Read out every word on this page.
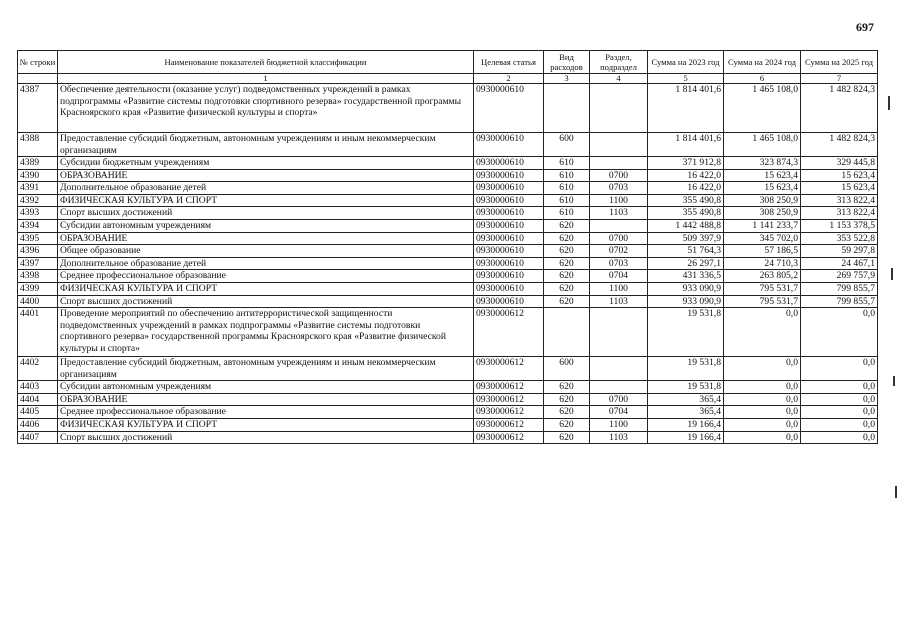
697
№ строки	Наименование показателей бюджетной классификации	Целевая статья	Вид расходов	Раздел, подраздел	Сумма на 2023 год	Сумма на 2024 год	Сумма на 2025 год
	1	2	3	4	5	6	7
4387	Обеспечение деятельности (оказание услуг) подведомственных учреждений в рамках подпрограммы «Развитие системы подготовки спортивного резерва» государственной программы Красноярского края «Развитие физической культуры и спорта»	0930000610			1 814 401,6	1 465 108,0	1 482 824,3
4388	Предоставление субсидий бюджетным, автономным учреждениям и иным некоммерческим организациям	0930000610	600		1 814 401,6	1 465 108,0	1 482 824,3
4389	Субсидии бюджетным учреждениям	0930000610	610		371 912,8	323 874,3	329 445,8
4390	ОБРАЗОВАНИЕ	0930000610	610	0700	16 422,0	15 623,4	15 623,4
4391	Дополнительное образование детей	0930000610	610	0703	16 422,0	15 623,4	15 623,4
4392	ФИЗИЧЕСКАЯ КУЛЬТУРА И СПОРТ	0930000610	610	1100	355 490,8	308 250,9	313 822,4
4393	Спорт высших достижений	0930000610	610	1103	355 490,8	308 250,9	313 822,4
4394	Субсидии автономным учреждениям	0930000610	620		1 442 488,8	1 141 233,7	1 153 378,5
4395	ОБРАЗОВАНИЕ	0930000610	620	0700	509 397,9	345 702,0	353 522,8
4396	Общее образование	0930000610	620	0702	51 764,3	57 186,5	59 297,8
4397	Дополнительное образование детей	0930000610	620	0703	26 297,1	24 710,3	24 467,1
4398	Среднее профессиональное образование	0930000610	620	0704	431 336,5	263 805,2	269 757,9
4399	ФИЗИЧЕСКАЯ КУЛЬТУРА И СПОРТ	0930000610	620	1100	933 090,9	795 531,7	799 855,7
4400	Спорт высших достижений	0930000610	620	1103	933 090,9	795 531,7	799 855,7
4401	Проведение мероприятий по обеспечению антитеррористической защищенности подведомственных учреждений в рамках подпрограммы «Развитие системы подготовки спортивного резерва» государственной программы Красноярского края «Развитие физической культуры и спорта»	0930000612			19 531,8	0,0	0,0
4402	Предоставление субсидий бюджетным, автономным учреждениям и иным некоммерческим организациям	0930000612	600		19 531,8	0,0	0,0
4403	Субсидии автономным учреждениям	0930000612	620		19 531,8	0,0	0,0
4404	ОБРАЗОВАНИЕ	0930000612	620	0700	365,4	0,0	0,0
4405	Среднее профессиональное образование	0930000612	620	0704	365,4	0,0	0,0
4406	ФИЗИЧЕСКАЯ КУЛЬТУРА И СПОРТ	0930000612	620	1100	19 166,4	0,0	0,0
4407	Спорт высших достижений	0930000612	620	1103	19 166,4	0,0	0,0
